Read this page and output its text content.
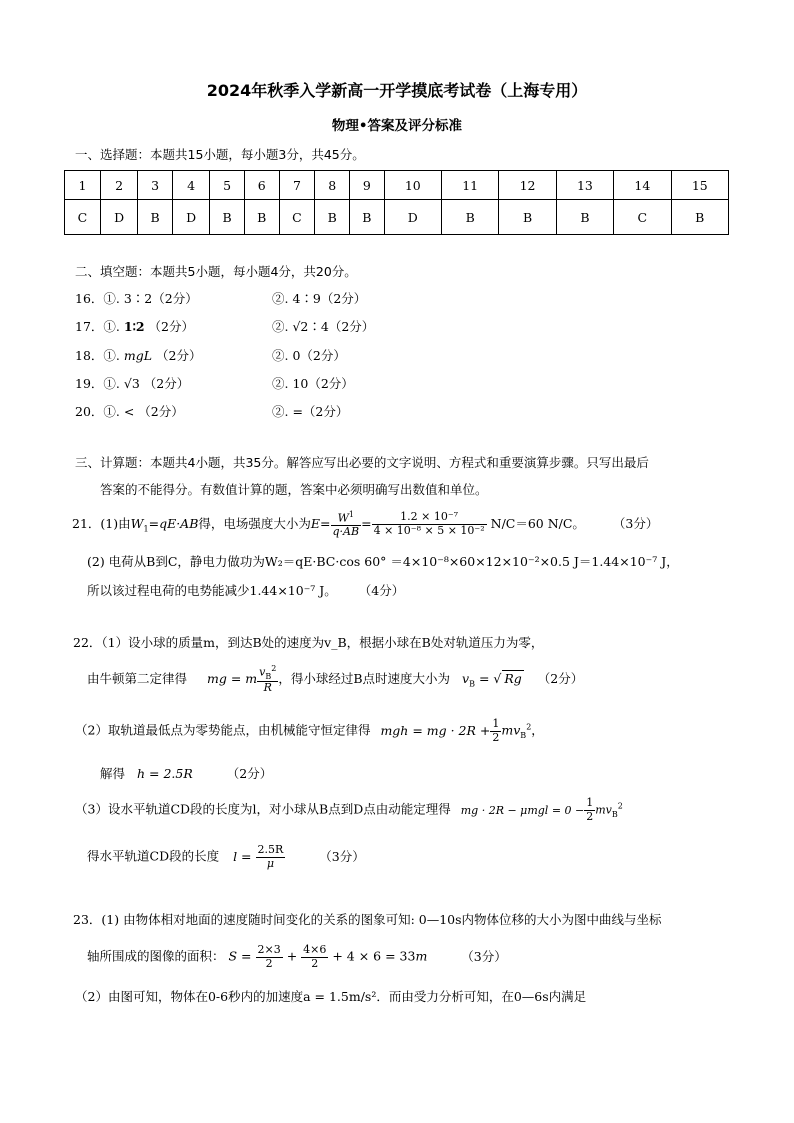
2024年秋季入学新高一开学摸底考试卷（上海专用）
物理•答案及评分标准
一、选择题：本题共15小题，每小题3分，共45分。
1	2	3	4	5	6	7	8	9	10	11	12	13	14	15
C	D	B	D	B	B	C	B	B	D	B	B	B	C	B
二、填空题：本题共5小题，每小题4分，共20分。
16．①. 3∶2（2分）	②. 4∶9（2分）
17．①. 1∶2 （2分）	②. √2∶4（2分）
18．①. mgL （2分）	②. 0（2分）
19．①. √3 （2分）	②. 10（2分）
20．①. < （2分）	②. =（2分）
三、计算题：本题共4小题，共35分。解答应写出必要的文字说明、方程式和重要演算步骤。只写出最后
答案的不能得分。有数值计算的题，答案中必须明确写出数值和单位。
21．(1)由$W_1=qE\cdot AB$得，电场强度大小为$E= \frac{W^1}{q\cdot AB} = \frac{\text{1.2 × 10⁻⁷}}{\text{4 × 10⁻⁸ × 5 × 10⁻²}} N/C=60$ N/C。 （3分）
(2) 电荷从B到C，静电力做功为W₂＝qE·BC·cos 60° ＝4×10⁻⁸×60×12×10⁻²×0.5 J＝1.44×10⁻⁷ J，
所以该过程电荷的电势能减少1.44×10⁻⁷ J。 （4分）
22．（1）设小球的质量m，到达B处的速度为v_B，根据小球在B处对轨道压力为零，
由牛顿第二定律得 mg = m $\frac{v_B^2}{R}$ ，得小球经过B点时速度大小为 $v_B$ = √ Rg （2分）
（2）取轨道最低点为零势能点，由机械能守恒定律得 mgh = mg · $2R + \frac{1}{2} mv_B^2$，
解得 h = 2.5R	（2分）
（3）设水平轨道CD段的长度为l，对小球从B点到D点由动能定理得 mg · $2R - \mu mgl = 0 - \frac{1}{2} mv_B^2$
得水平轨道CD段的长度 $l = \frac{2.5R}{\mu}$	（3分）
23．(1) 由物体相对地面的速度随时间变化的关系的图象可知: 0—10s内物体位移的大小为图中曲线与坐标
轴所围成的图像的面积： $S = \frac{2\times 3}{2} + \frac{4\times 6}{2} + 4 \times 6 = 33m$	（3分）
（2）由图可知，物体在0-6秒内的加速度a = 1.5m/s²．而由受力分析可知，在0—6s内满足
